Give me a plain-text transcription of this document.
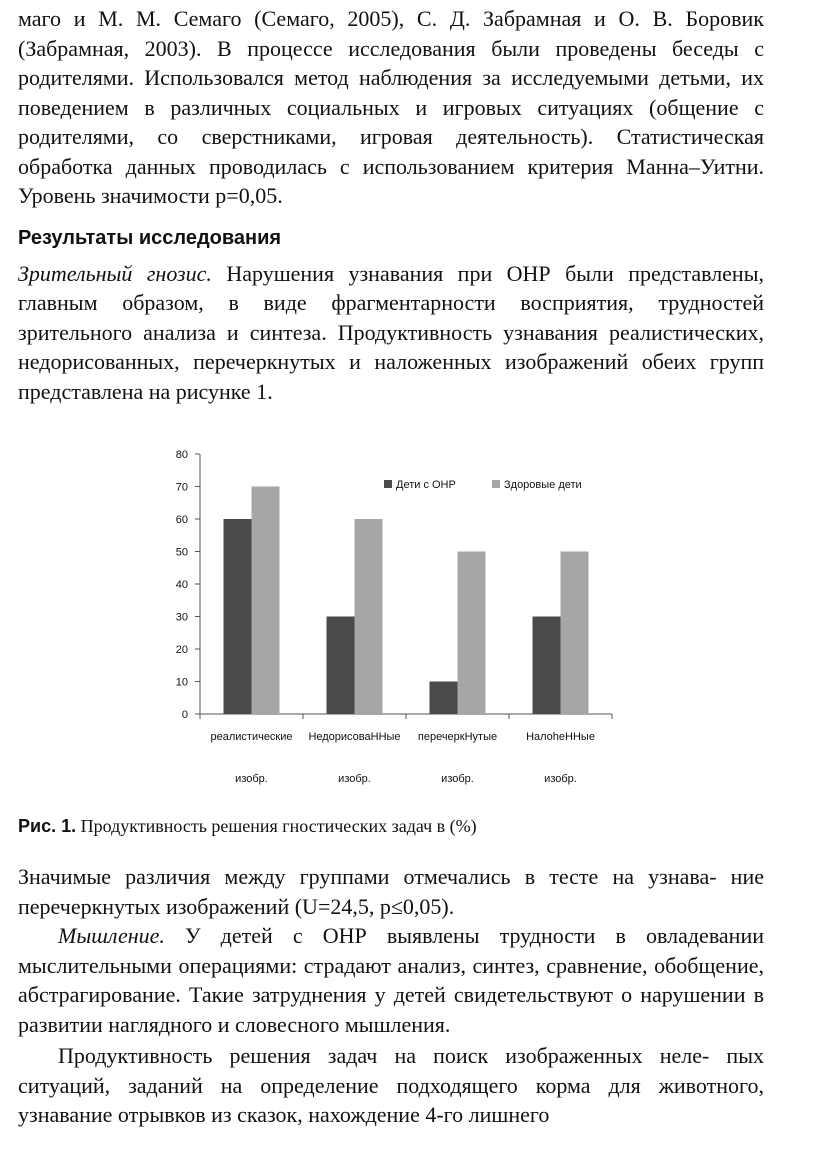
маго и М. М. Семаго (Семаго, 2005), С. Д. Забрамная и О. В. Боровик (Забрамная, 2003). В процессе исследования были проведены беседы с родителями. Использовался метод наблюдения за исследуемыми детьми, их поведением в различных социальных и игровых ситуациях (общение с родителями, со сверстниками, игровая деятельность). Статистическая обработка данных проводилась с использованием критерия Манна–Уитни. Уровень значимости p=0,05.

Результаты исследования

Зрительный гнозис. Нарушения узнавания при ОНР были представлены, главным образом, в виде фрагментарности восприятия, трудностей зрительного анализа и синтеза. Продуктивность узнавания реалистических, недорисованных, перечеркнутых и наложенных изображений обеих групп представлена на рисунке 1.

0
10
20
30
40
50
60
70
80
реалистические
изобр.
НедорисоваННые
изобр.
перечеркНутые
изобр.
НалоheННые
изобр.
Дети с ОНР	Здоровые дети

Рис. 1. Продуктивность решения гностических задач в (%)

Значимые различия между группами отмечались в тесте на узнава- ние перечеркнутых изображений (U=24,5, p≤0,05).

Мышление. У детей с ОНР выявлены трудности в овладевании мыслительными операциями: страдают анализ, синтез, сравнение, обобщение, абстрагирование. Такие затруднения у детей свидетельствуют о нарушении в развитии наглядного и словесного мышления.

Продуктивность решения задач на поиск изображенных неле- пых ситуаций, заданий на определение подходящего корма для животного, узнавание отрывков из сказок, нахождение 4-го лишнего
